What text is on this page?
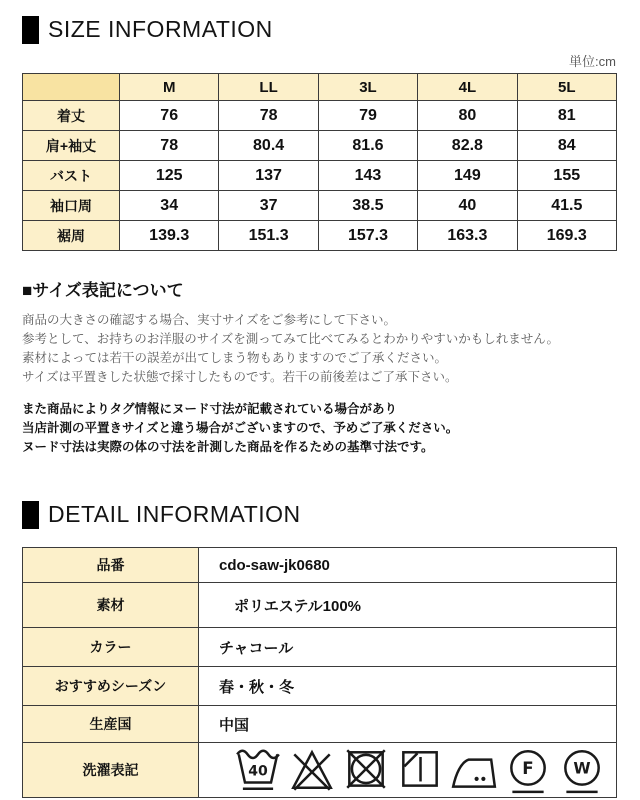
SIZE INFORMATION
単位:cm
	M	LL	3L	4L	5L
着丈	76	78	79	80	81
肩+袖丈	78	80.4	81.6	82.8	84
バスト	125	137	143	149	155
袖口周	34	37	38.5	40	41.5
裾周	139.3	151.3	157.3	163.3	169.3
■サイズ表記について
商品の大きさの確認する場合、実寸サイズをご参考にして下さい。
参考として、お持ちのお洋服のサイズを測ってみて比べてみるとわかりやすいかもしれません。
素材によっては若干の誤差が出てしまう物もありますのでご了承ください。
サイズは平置きした状態で採寸したものです。若干の前後差はご了承下さい。
また商品によりタグ情報にヌード寸法が記載されている場合があり
当店計測の平置きサイズと違う場合がございますので、予めご了承ください。
ヌード寸法は実際の体の寸法を計測した商品を作るための基準寸法です。
DETAIL INFORMATION
品番	cdo-saw-jk0680
素材	　ポリエステル100%
カラー	チャコール
おすすめシーズン	春・秋・冬
生産国	中国
洗濯表記	40 F W
